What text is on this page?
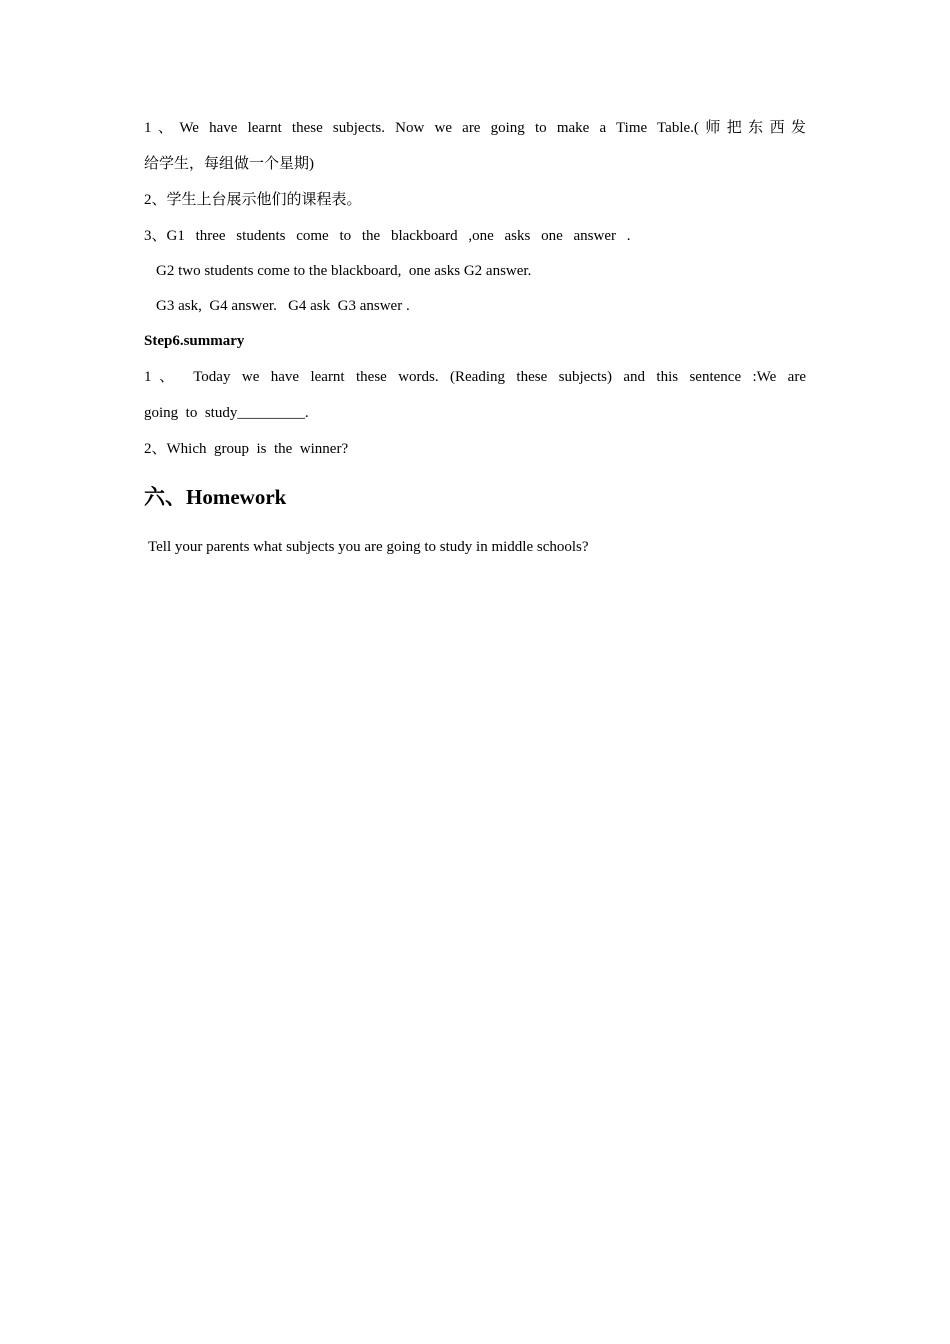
1、We have learnt these subjects. Now we are going to make a Time Table.(师把东西发
给学生，每组做一个星期)
2、学生上台展示他们的课程表。
3、G1 three students come to the blackboard ,one asks one answer .
G2 two students come to the blackboard,  one asks G2 answer.
G3 ask,  G4 answer.   G4 ask  G3 answer .
Step6.summary
1、 Today we have learnt these words. (Reading these subjects) and this sentence :We are
going  to  study_________.
2、Which  group  is  the  winner?
六、Homework
Tell your parents what subjects you are going to study in middle schools?
